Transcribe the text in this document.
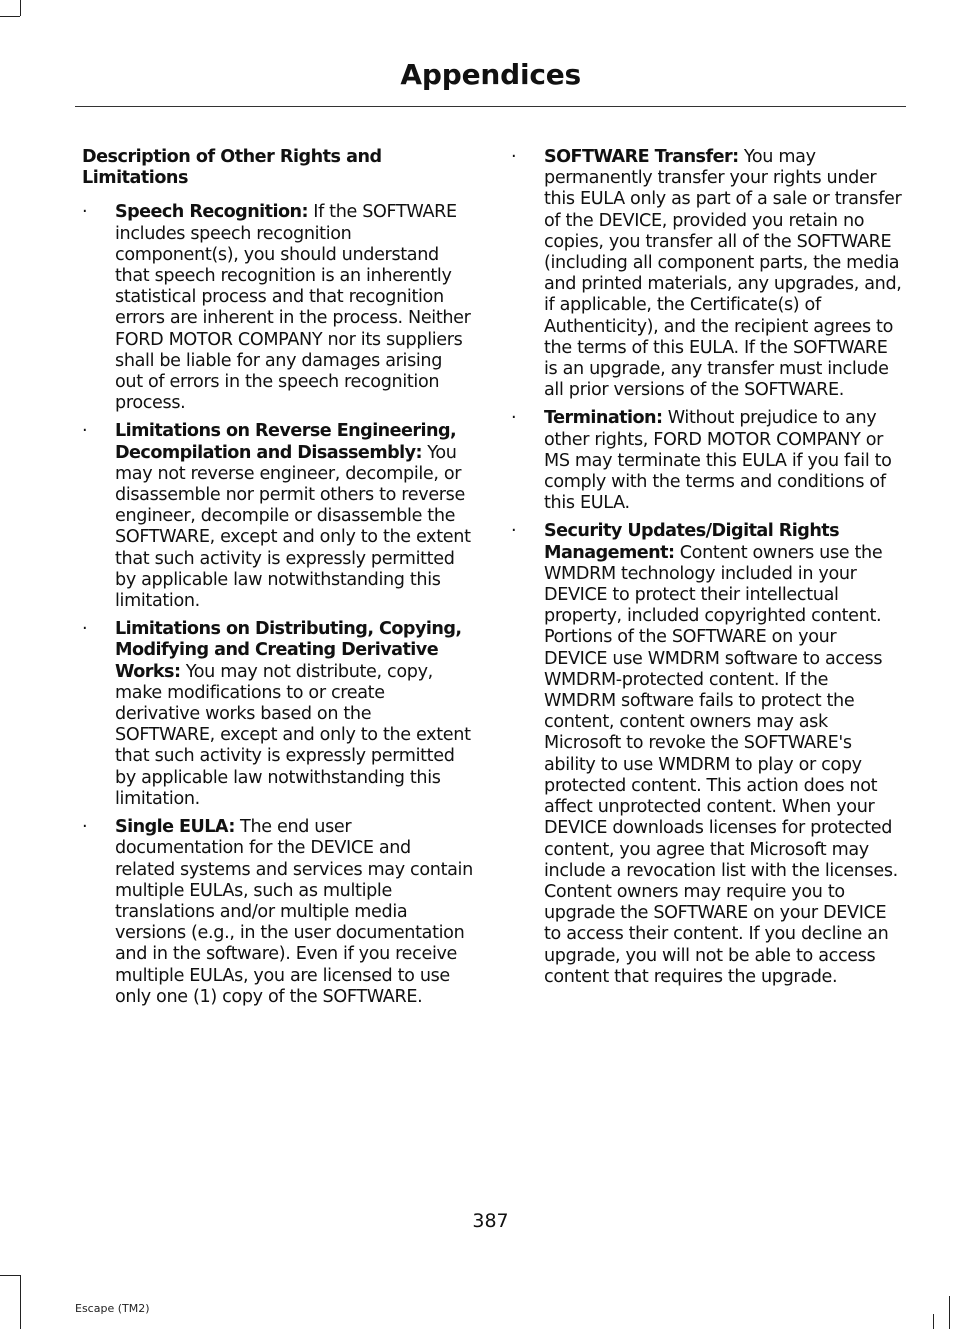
Appendices
Description of Other Rights and Limitations
· Speech Recognition: If the SOFTWARE includes speech recognition component(s), you should understand that speech recognition is an inherently statistical process and that recognition errors are inherent in the process. Neither FORD MOTOR COMPANY nor its suppliers shall be liable for any damages arising out of errors in the speech recognition process.
· Limitations on Reverse Engineering, Decompilation and Disassembly: You may not reverse engineer, decompile, or disassemble nor permit others to reverse engineer, decompile or disassemble the SOFTWARE, except and only to the extent that such activity is expressly permitted by applicable law notwithstanding this limitation.
· Limitations on Distributing, Copying, Modifying and Creating Derivative Works: You may not distribute, copy, make modifications to or create derivative works based on the SOFTWARE, except and only to the extent that such activity is expressly permitted by applicable law notwithstanding this limitation.
· Single EULA: The end user documentation for the DEVICE and related systems and services may contain multiple EULAs, such as multiple translations and/or multiple media versions (e.g., in the user documentation and in the software). Even if you receive multiple EULAs, you are licensed to use only one (1) copy of the SOFTWARE.
· SOFTWARE Transfer: You may permanently transfer your rights under this EULA only as part of a sale or transfer of the DEVICE, provided you retain no copies, you transfer all of the SOFTWARE (including all component parts, the media and printed materials, any upgrades, and, if applicable, the Certificate(s) of Authenticity), and the recipient agrees to the terms of this EULA. If the SOFTWARE is an upgrade, any transfer must include all prior versions of the SOFTWARE.
· Termination: Without prejudice to any other rights, FORD MOTOR COMPANY or MS may terminate this EULA if you fail to comply with the terms and conditions of this EULA.
· Security Updates/Digital Rights Management: Content owners use the WMDRM technology included in your DEVICE to protect their intellectual property, included copyrighted content. Portions of the SOFTWARE on your DEVICE use WMDRM software to access WMDRM-protected content. If the WMDRM software fails to protect the content, content owners may ask Microsoft to revoke the SOFTWARE's ability to use WMDRM to play or copy protected content. This action does not affect unprotected content. When your DEVICE downloads licenses for protected content, you agree that Microsoft may include a revocation list with the licenses. Content owners may require you to upgrade the SOFTWARE on your DEVICE to access their content. If you decline an upgrade, you will not be able to access content that requires the upgrade.
387
Escape (TM2)
